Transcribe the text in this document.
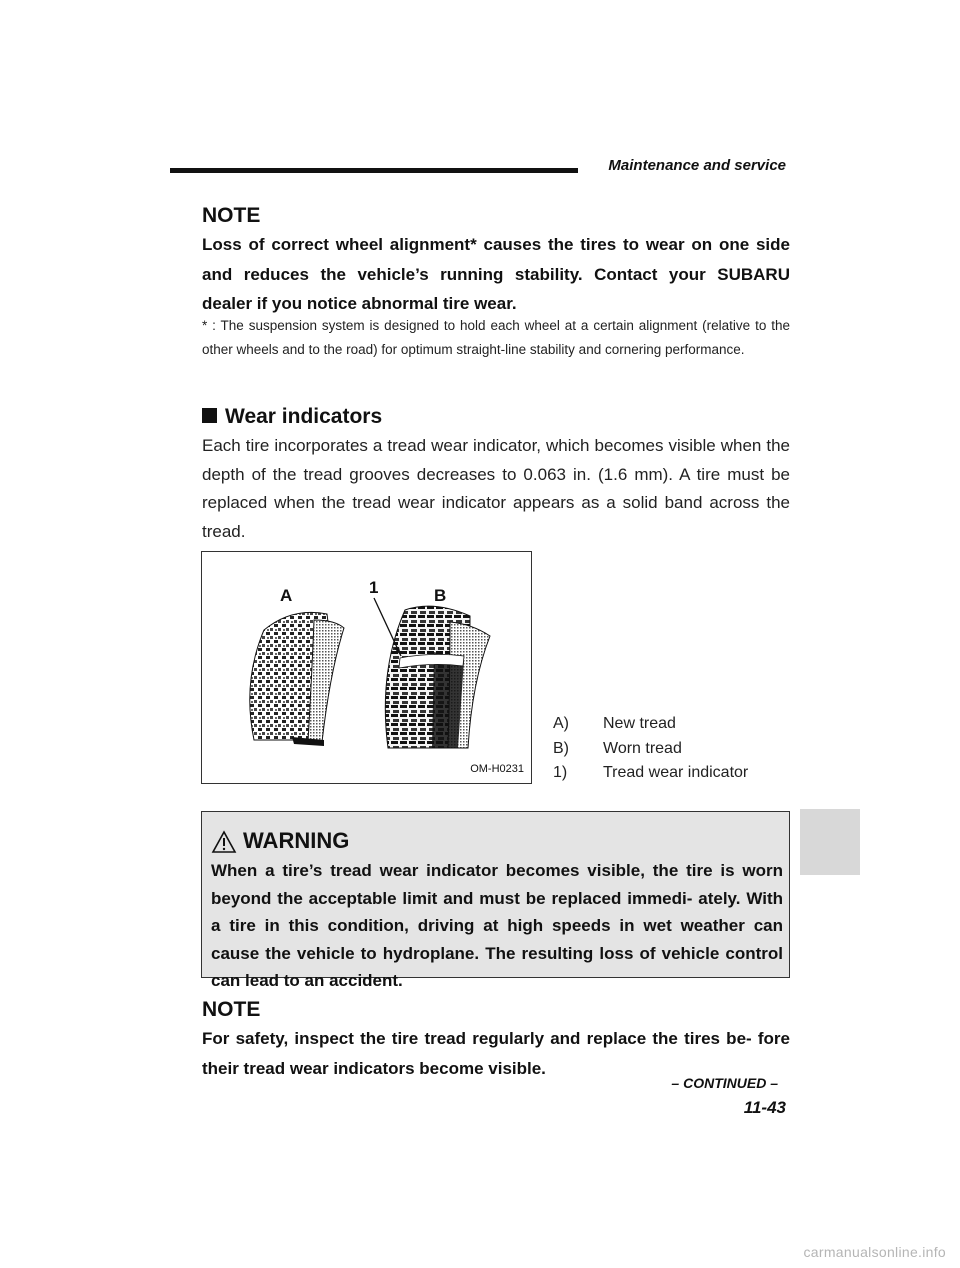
Maintenance and service
NOTE
Loss of correct wheel alignment* causes the tires to wear on one side and reduces the vehicle’s running stability. Contact your SUBARU dealer if you notice abnormal tire wear.
* : The suspension system is designed to hold each wheel at a certain alignment (relative to the other wheels and to the road) for optimum straight-line stability and cornering performance.
Wear indicators
Each tire incorporates a tread wear indicator, which becomes visible when the depth of the tread grooves decreases to 0.063 in. (1.6 mm). A tire must be replaced when the tread wear indicator appears as a solid band across the tread.
A	B
1
OM-H0231
A)	New tread
B)	Worn tread
1)	Tread wear indicator
WARNING
When a tire’s tread wear indicator becomes visible, the tire is worn beyond the acceptable limit and must be replaced immedi- ately. With a tire in this condition, driving at high speeds in wet weather can cause the vehicle to hydroplane. The resulting loss of vehicle control can lead to an accident.
NOTE
For safety, inspect the tire tread regularly and replace the tires be- fore their tread wear indicators become visible.
– CONTINUED –
11-43
carmanualsonline.info
